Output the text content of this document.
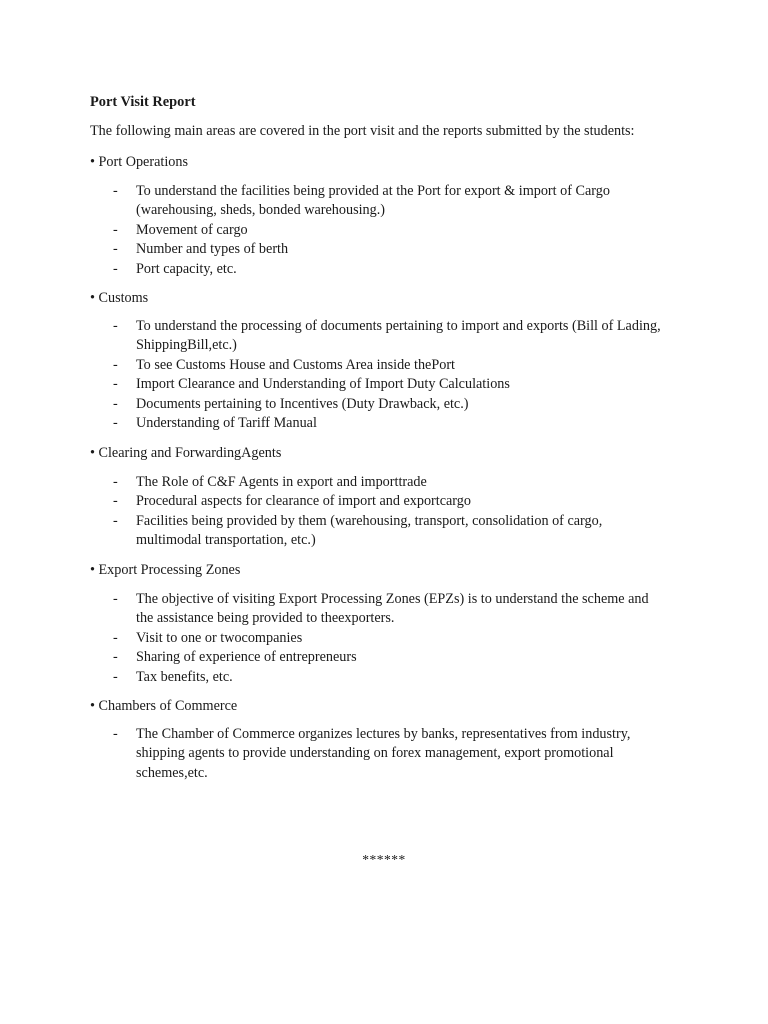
Port Visit Report
The following main areas are covered in the port visit and the reports submitted by the students:
• Port Operations
- To understand the facilities being provided at the Port for export & import of Cargo (warehousing, sheds, bonded warehousing.)
- Movement of cargo
- Number and types of berth
- Port capacity, etc.
• Customs
- To understand the processing of documents pertaining to import and exports (Bill of Lading, ShippingBill,etc.)
- To see Customs House and Customs Area inside thePort
- Import Clearance and Understanding of Import Duty Calculations
- Documents pertaining to Incentives (Duty Drawback, etc.)
- Understanding of Tariff Manual
• Clearing and ForwardingAgents
- The Role of C&F Agents in export and importtrade
- Procedural aspects for clearance of import and exportcargo
- Facilities being provided by them (warehousing, transport, consolidation of cargo, multimodal transportation, etc.)
• Export Processing Zones
- The objective of visiting Export Processing Zones (EPZs) is to understand the scheme and the assistance being provided to theexporters.
- Visit to one or twocompanies
- Sharing of experience of entrepreneurs
- Tax benefits, etc.
• Chambers of Commerce
- The Chamber of Commerce organizes lectures by banks, representatives from industry, shipping agents to provide understanding on forex management, export promotional schemes,etc.
******
